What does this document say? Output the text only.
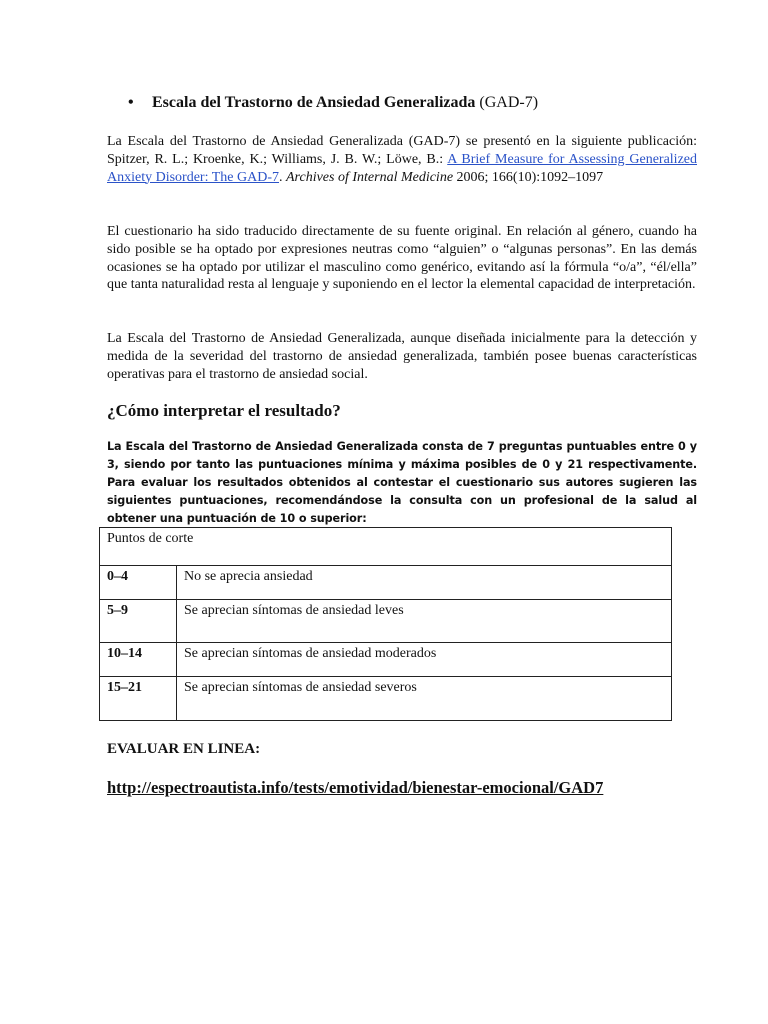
• Escala del Trastorno de Ansiedad Generalizada (GAD-7)
La Escala del Trastorno de Ansiedad Generalizada (GAD-7) se presentó en la siguiente publicación: Spitzer, R. L.; Kroenke, K.; Williams, J. B. W.; Löwe, B.: A Brief Measure for Assessing Generalized Anxiety Disorder: The GAD-7. Archives of Internal Medicine 2006; 166(10):1092–1097
El cuestionario ha sido traducido directamente de su fuente original. En relación al género, cuando ha sido posible se ha optado por expresiones neutras como “alguien” o “algunas personas”. En las demás ocasiones se ha optado por utilizar el masculino como genérico, evitando así la fórmula “o/a”, “él/ella” que tanta naturalidad resta al lenguaje y suponiendo en el lector la elemental capacidad de interpretación.
La Escala del Trastorno de Ansiedad Generalizada, aunque diseñada inicialmente para la detección y medida de la severidad del trastorno de ansiedad generalizada, también posee buenas características operativas para el trastorno de ansiedad social.
¿Cómo interpretar el resultado?
La Escala del Trastorno de Ansiedad Generalizada consta de 7 preguntas puntuables entre 0 y 3, siendo por tanto las puntuaciones mínima y máxima posibles de 0 y 21 respectivamente. Para evaluar los resultados obtenidos al contestar el cuestionario sus autores sugieren las siguientes puntuaciones, recomendándose la consulta con un profesional de la salud al obtener una puntuación de 10 o superior:
Puntos de corte	
0–4	No se aprecia ansiedad
5–9	Se aprecian síntomas de ansiedad leves
10–14	Se aprecian síntomas de ansiedad moderados
15–21	Se aprecian síntomas de ansiedad severos
EVALUAR EN LINEA:
http://espectroautista.info/tests/emotividad/bienestar-emocional/GAD7
